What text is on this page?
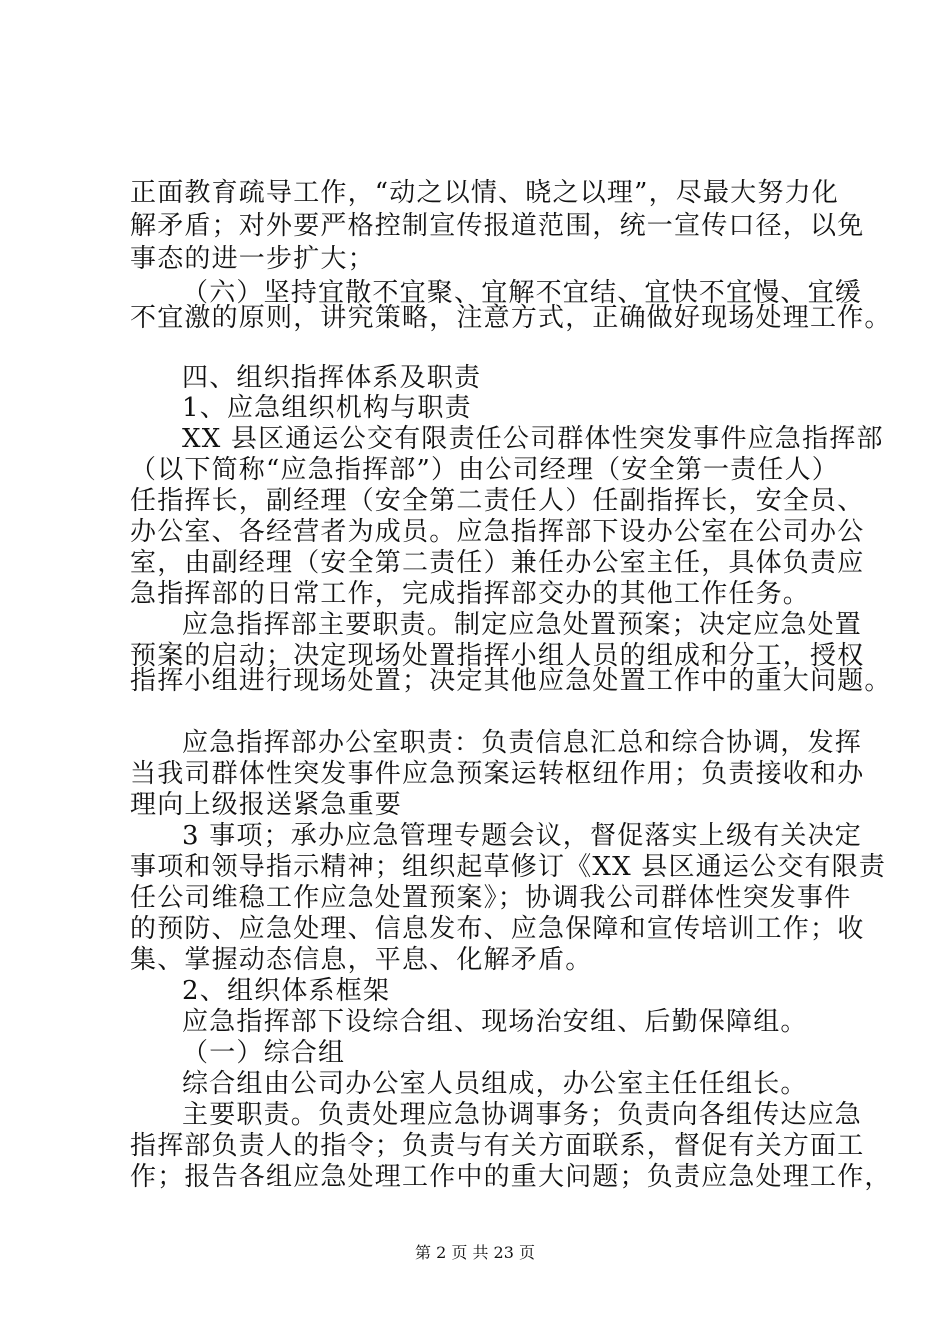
正面教育疏导工作，“动之以情、晓之以理”，尽最大努力化
解矛盾；对外要严格控制宣传报道范围，统一宣传口径，以免
事态的进一步扩大；
（六）坚持宜散不宜聚、宜解不宜结、宜快不宜慢、宜缓
不宜激的原则，讲究策略，注意方式，正确做好现场处理工作。
四、组织指挥体系及职责
1、应急组织机构与职责
XX 县区通运公交有限责任公司群体性突发事件应急指挥部
（以下简称“应急指挥部”）由公司经理（安全第一责任人）
任指挥长，副经理（安全第二责任人）任副指挥长，安全员、
办公室、各经营者为成员。应急指挥部下设办公室在公司办公
室，由副经理（安全第二责任）兼任办公室主任，具体负责应
急指挥部的日常工作，完成指挥部交办的其他工作任务。
应急指挥部主要职责。制定应急处置预案；决定应急处置
预案的启动；决定现场处置指挥小组人员的组成和分工，授权
指挥小组进行现场处置；决定其他应急处置工作中的重大问题。
应急指挥部办公室职责：负责信息汇总和综合协调，发挥
当我司群体性突发事件应急预案运转枢纽作用；负责接收和办
理向上级报送紧急重要
3 事项；承办应急管理专题会议，督促落实上级有关决定
事项和领导指示精神；组织起草修订《XX 县区通运公交有限责
任公司维稳工作应急处置预案》；协调我公司群体性突发事件
的预防、应急处理、信息发布、应急保障和宣传培训工作；收
集、掌握动态信息，平息、化解矛盾。
2、组织体系框架
应急指挥部下设综合组、现场治安组、后勤保障组。
（一）综合组
综合组由公司办公室人员组成，办公室主任任组长。
主要职责。负责处理应急协调事务；负责向各组传达应急
指挥部负责人的指令；负责与有关方面联系，督促有关方面工
作；报告各组应急处理工作中的重大问题；负责应急处理工作，
第 2 页 共 23 页
